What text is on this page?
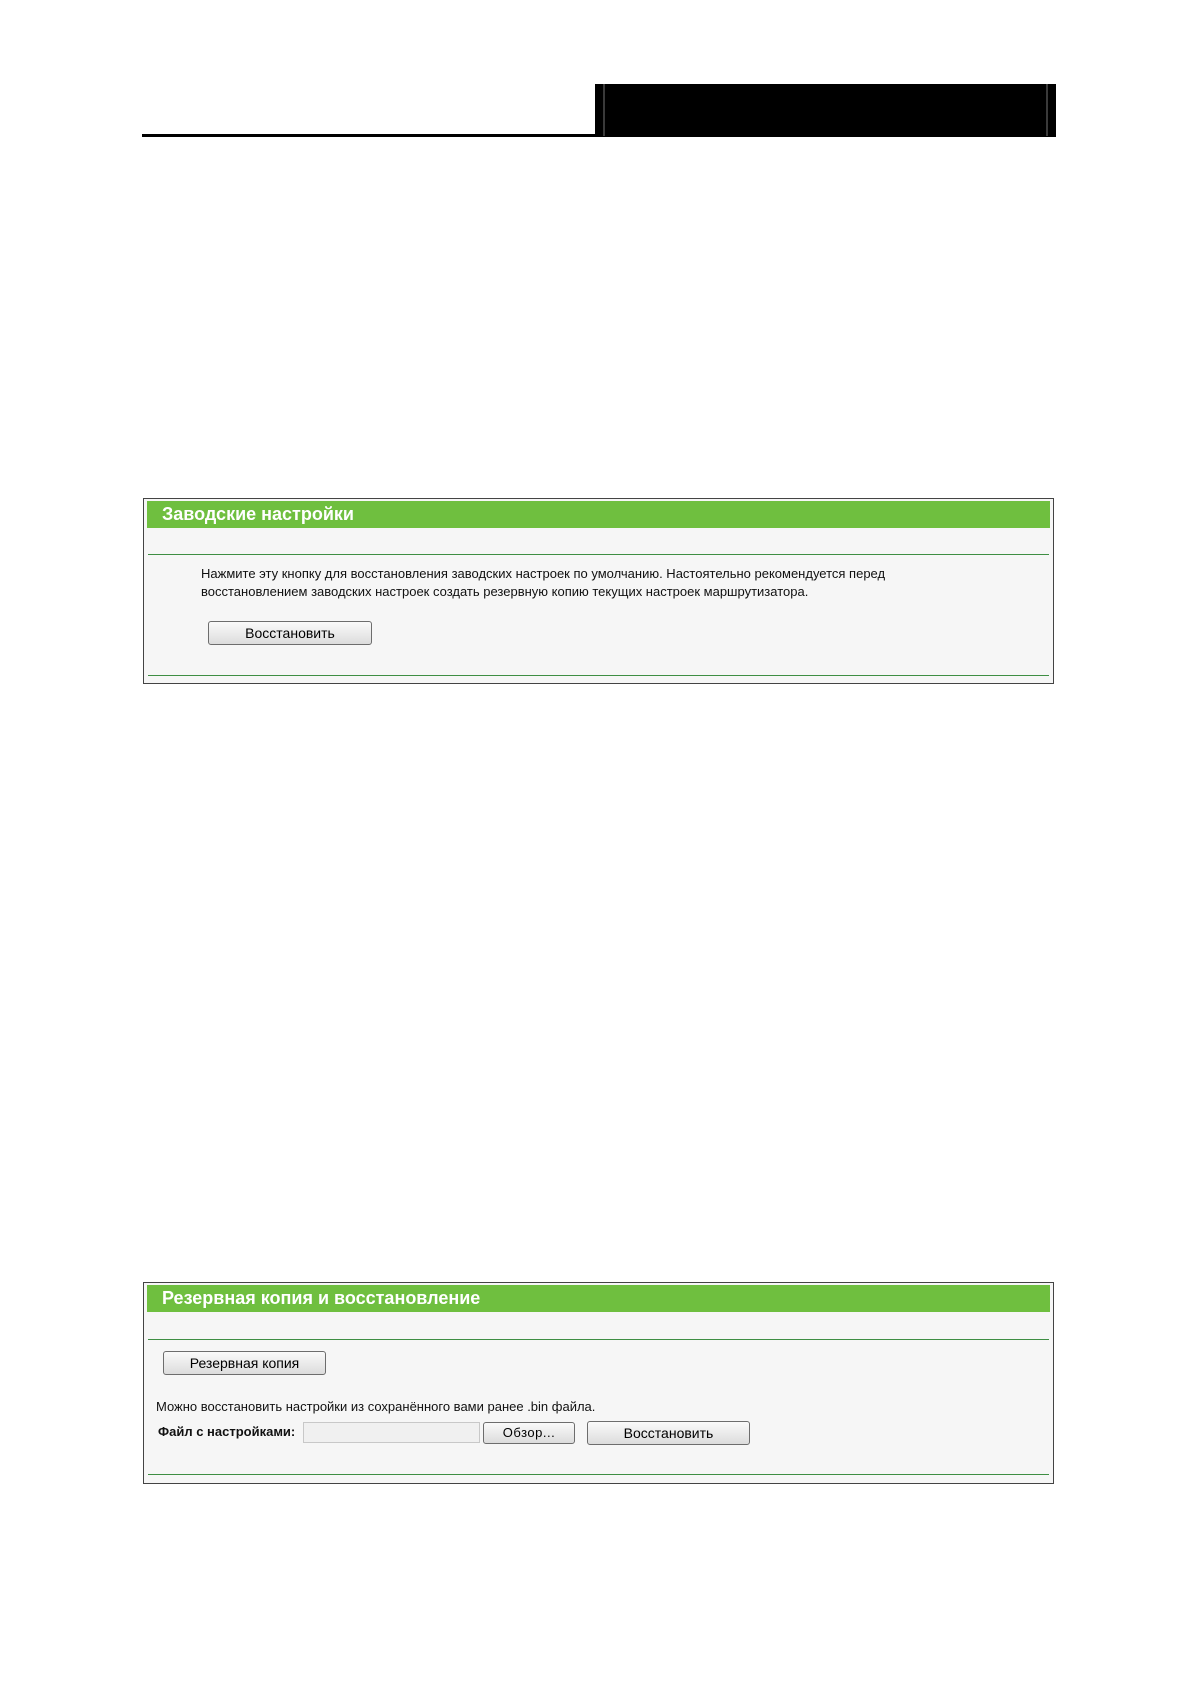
Заводские настройки
Нажмите эту кнопку для восстановления заводских настроек по умолчанию. Настоятельно рекомендуется перед
восстановлением заводских настроек создать резервную копию текущих настроек маршрутизатора.
Восстановить
Резервная копия и восстановление
Резервная копия
Можно восстановить настройки из сохранённого вами ранее .bin файла.
Файл с настройками:	Обзор...	Восстановить
